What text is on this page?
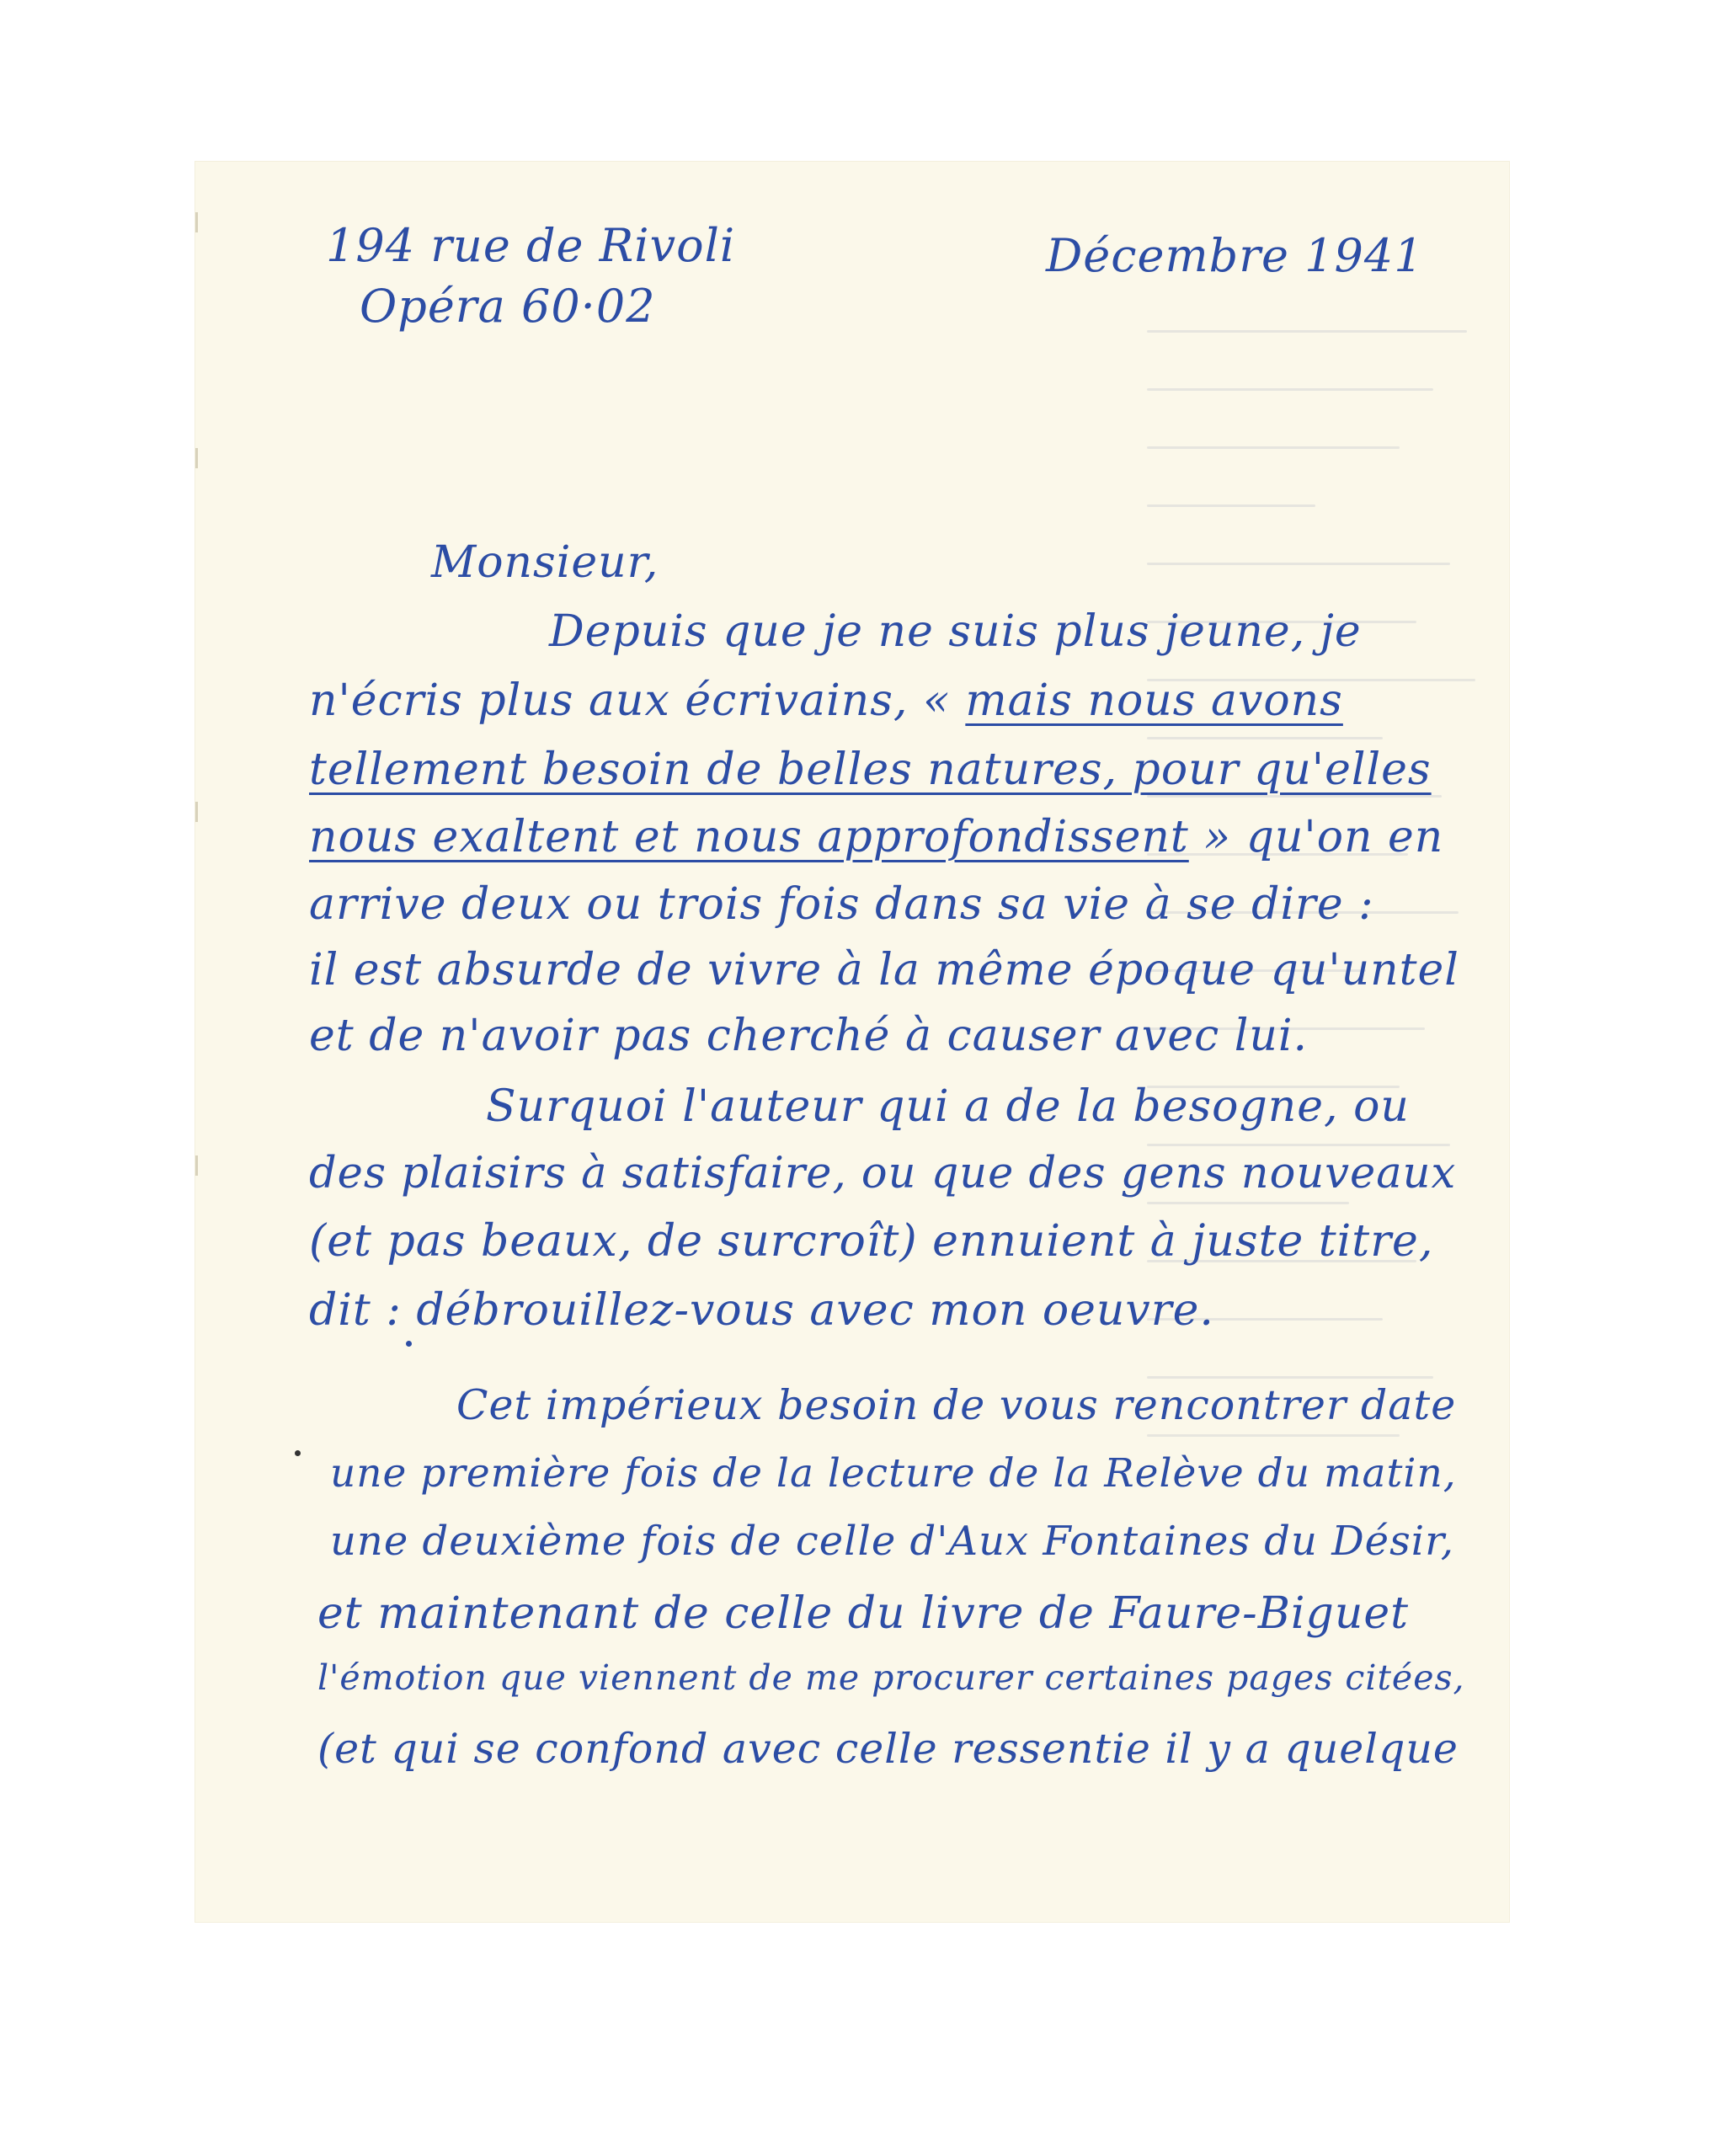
194 rue de Rivoli
Opéra 60·02
Décembre 1941
Monsieur,
Depuis que je ne suis plus jeune, je
n'écris plus aux écrivains, « mais nous avons
tellement besoin de belles natures, pour qu'elles
nous exaltent et nous approfondissent » qu'on en
arrive deux ou trois fois dans sa vie à se dire :
il est absurde de vivre à la même époque qu'untel
et de n'avoir pas cherché à causer avec lui.
Surquoi l'auteur qui a de la besogne, ou
des plaisirs à satisfaire, ou que des gens nouveaux
(et pas beaux, de surcroît) ennuient à juste titre,
dit : débrouillez-vous avec mon oeuvre.
Cet impérieux besoin de vous rencontrer date
une première fois de la lecture de la Relève du matin,
une deuxième fois de celle d'Aux Fontaines du Désir,
et maintenant de celle du livre de Faure-Biguet
l'émotion que viennent de me procurer certaines pages citées,
(et qui se confond avec celle ressentie il y a quelque
